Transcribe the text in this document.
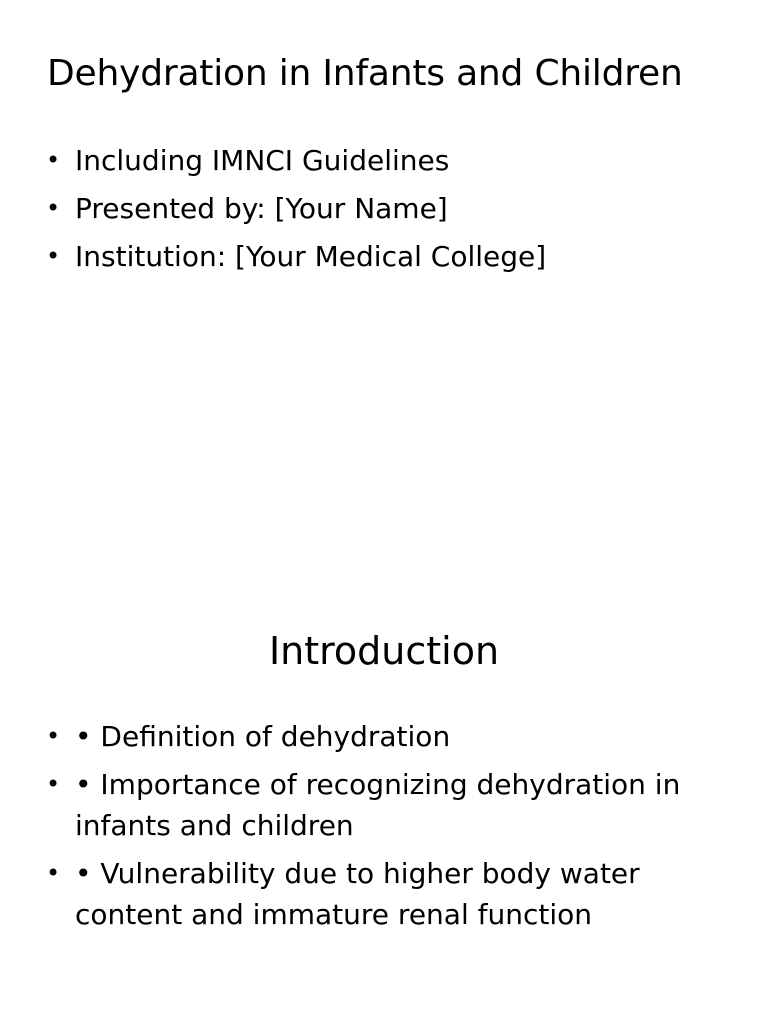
Dehydration in Infants and Children
• Including IMNCI Guidelines
• Presented by: [Your Name]
• Institution: [Your Medical College]
Introduction
• • Definition of dehydration
• • Importance of recognizing dehydration in infants and children
• • Vulnerability due to higher body water content and immature renal function
